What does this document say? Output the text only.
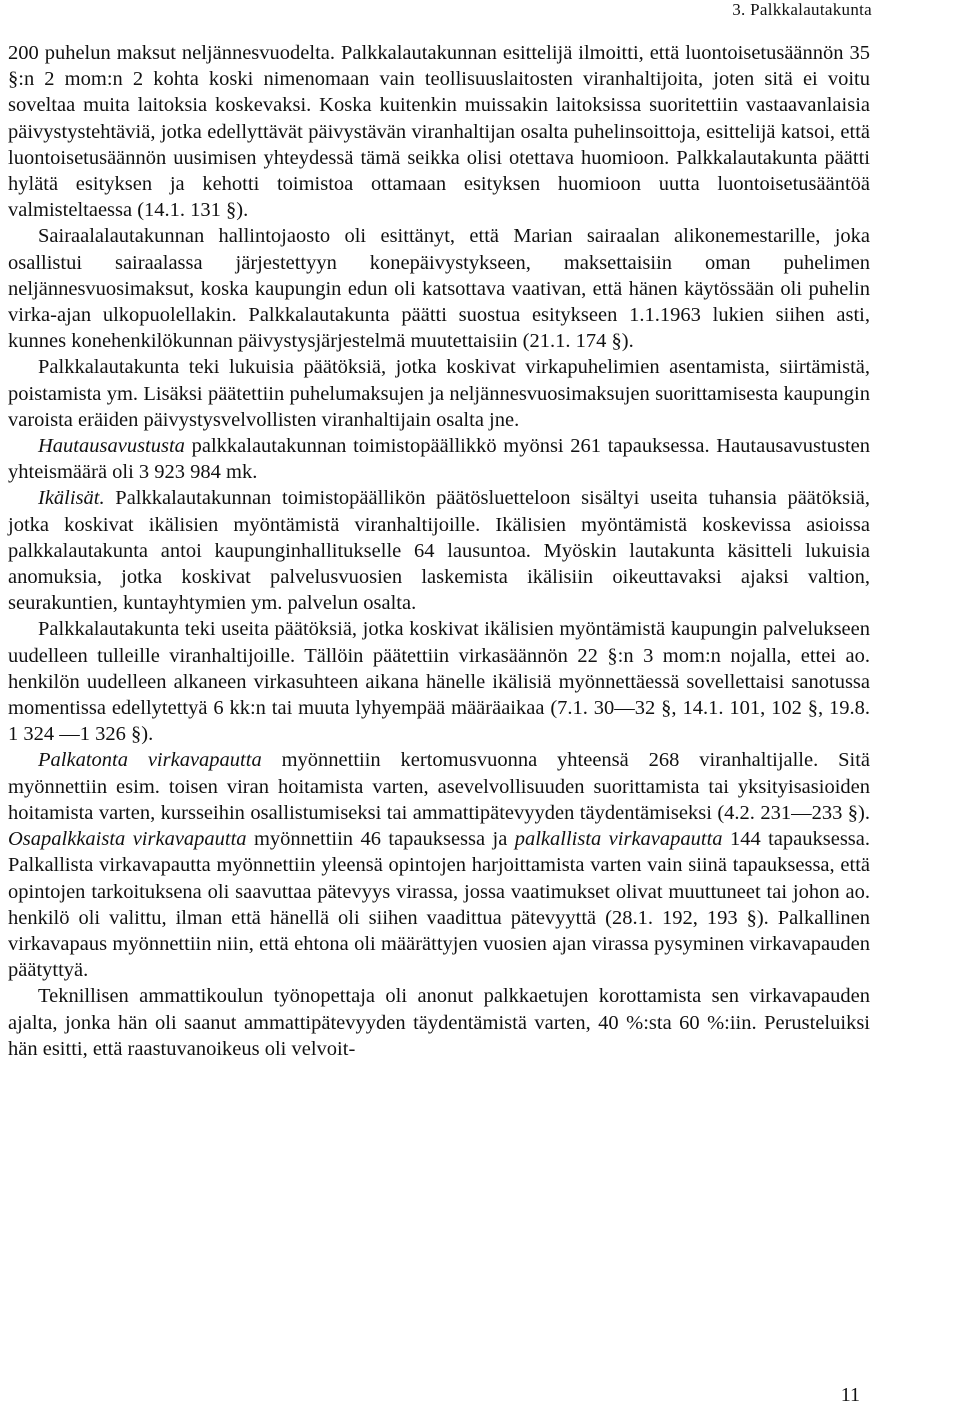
3. Palkkalautakunta

200 puhelun maksut neljännesvuodelta. Palkkalautakunnan esittelijä ilmoitti, että luontoisetusäännön 35 §:n 2 mom:n 2 kohta koski nimenomaan vain teollisuuslaitosten viranhaltijoita, joten sitä ei voitu soveltaa muita laitoksia koskevaksi. Koska kuitenkin muissakin laitoksissa suoritettiin vastaavanlaisia päivystystehtäviä, jotka edellyttävät päivystävän viranhaltijan osalta puhelinsoittoja, esittelijä katsoi, että luontoisetusäännön uusimisen yhteydessä tämä seikka olisi otettava huomioon. Palkkalautakunta päätti hylätä esityksen ja kehotti toimistoa ottamaan esityksen huomioon uutta luontoisetusääntöä valmisteltaessa (14.1. 131 §).

Sairaalalautakunnan hallintojaosto oli esittänyt, että Marian sairaalan alikonemestarille, joka osallistui sairaalassa järjestettyyn konepäivystykseen, maksettaisiin oman puhelimen neljännesvuosimaksut, koska kaupungin edun oli katsottava vaativan, että hänen käytössään oli puhelin virka-ajan ulkopuolellakin. Palkkalautakunta päätti suostua esitykseen 1.1.1963 lukien siihen asti, kunnes konehenkilökunnan päivystysjärjestelmä muutettaisiin (21.1. 174 §).

Palkkalautakunta teki lukuisia päätöksiä, jotka koskivat virkapuhelimien asentamista, siirtämistä, poistamista ym. Lisäksi päätettiin puhelumaksujen ja neljännesvuosimaksujen suorittamisesta kaupungin varoista eräiden päivystysvelvollisten viranhaltijain osalta jne.

Hautausavustusta palkkalautakunnan toimistopäällikkö myönsi 261 tapauksessa. Hautausavustusten yhteismäärä oli 3 923 984 mk.

Ikälisät. Palkkalautakunnan toimistopäällikön päätösluetteloon sisältyi useita tuhansia päätöksiä, jotka koskivat ikälisien myöntämistä viranhaltijoille. Ikälisien myöntämistä koskevissa asioissa palkkalautakunta antoi kaupunginhallitukselle 64 lausuntoa. Myöskin lautakunta käsitteli lukuisia anomuksia, jotka koskivat palvelusvuosien laskemista ikälisiin oikeuttavaksi ajaksi valtion, seurakuntien, kuntayhtymien ym. palvelun osalta.

Palkkalautakunta teki useita päätöksiä, jotka koskivat ikälisien myöntämistä kaupungin palvelukseen uudelleen tulleille viranhaltijoille. Tällöin päätettiin virkasäännön 22 §:n 3 mom:n nojalla, ettei ao. henkilön uudelleen alkaneen virkasuhteen aikana hänelle ikälisiä myönnettäessä sovellettaisi sanotussa momentissa edellytettyä 6 kk:n tai muuta lyhyempää määräaikaa (7.1. 30—32 §, 14.1. 101, 102 §, 19.8. 1 324 —1 326 §).

Palkatonta virkavapautta myönnettiin kertomusvuonna yhteensä 268 viranhaltijalle. Sitä myönnettiin esim. toisen viran hoitamista varten, asevelvollisuuden suorittamista tai yksityisasioiden hoitamista varten, kursseihin osallistumiseksi tai ammattipätevyyden täydentämiseksi (4.2. 231—233 §). Osapalkkaista virkavapautta myönnettiin 46 tapauksessa ja palkallista virkavapautta 144 tapauksessa. Palkallista virkavapautta myönnettiin yleensä opintojen harjoittamista varten vain siinä tapauksessa, että opintojen tarkoituksena oli saavuttaa pätevyys virassa, jossa vaatimukset olivat muuttuneet tai johon ao. henkilö oli valittu, ilman että hänellä oli siihen vaadittua pätevyyttä (28.1. 192, 193 §). Palkallinen virkavapaus myönnettiin niin, että ehtona oli määrättyjen vuosien ajan virassa pysyminen virkavapauden päätyttyä.

Teknillisen ammattikoulun työnopettaja oli anonut palkkaetujen korottamista sen virkavapauden ajalta, jonka hän oli saanut ammattipätevyyden täydentämistä varten, 40 %:sta 60 %:iin. Perusteluiksi hän esitti, että raastuvanoikeus oli velvoit-

11
